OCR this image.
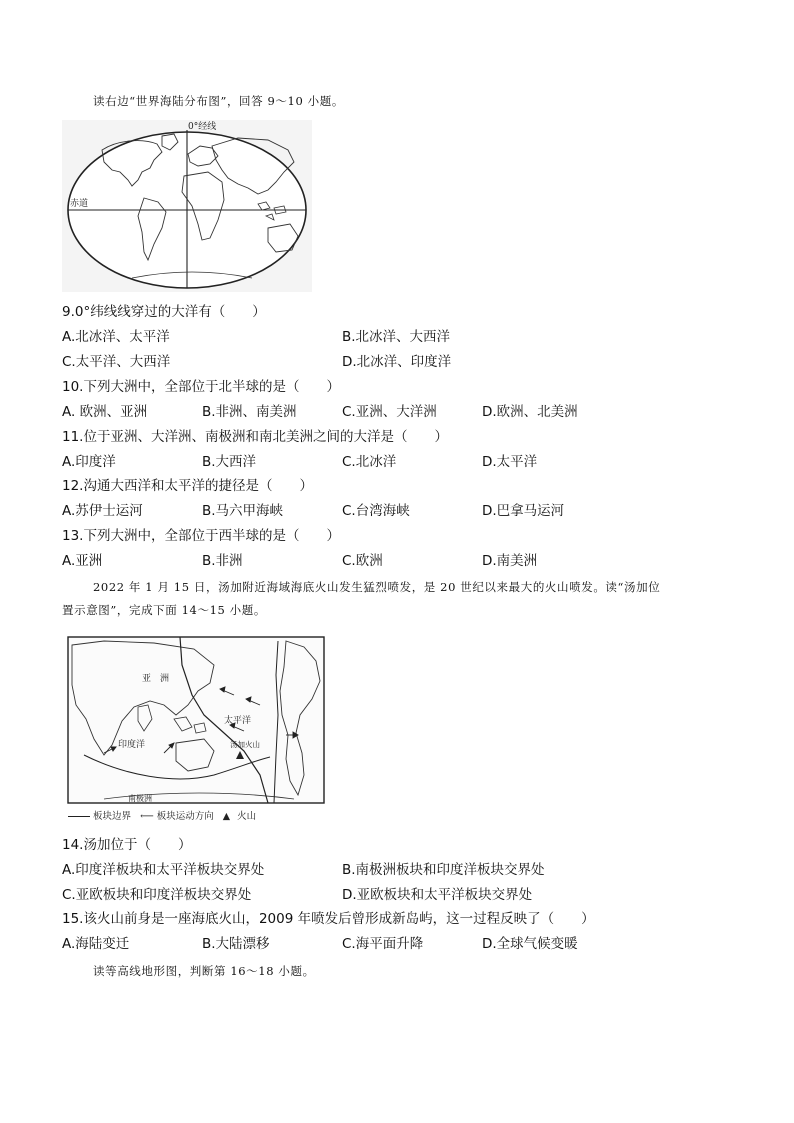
读右边“世界海陆分布图”，回答 9～10 小题。
0°经线
赤道
9.0°纬线线穿过的大洋有（　　）
A.北冰洋、太平洋	B.北冰洋、大西洋
C.太平洋、大西洋	D.北冰洋、印度洋
10.下列大洲中，全部位于北半球的是（　　）
A. 欧洲、亚洲	B.非洲、南美洲	C.亚洲、大洋洲	D.欧洲、北美洲
11.位于亚洲、大洋洲、南极洲和南北美洲之间的大洋是（　　）
A.印度洋	B.大西洋	C.北冰洋	D.太平洋
12.沟通大西洋和太平洋的捷径是（　　）
A.苏伊士运河	B.马六甲海峡	C.台湾海峡	D.巴拿马运河
13.下列大洲中，全部位于西半球的是（　　）
A.亚洲	B.非洲	C.欧洲	D.南美洲
2022 年 1 月 15 日，汤加附近海域海底火山发生猛烈喷发，是 20 世纪以来最大的火山喷发。读“汤加位
置示意图”，完成下面 14～15 小题。
亚　洲
太平洋
印度洋	汤加火山
南极洲
板块边界 ⟵ 板块运动方向 ▲ 火山
14.汤加位于（　　）
A.印度洋板块和太平洋板块交界处	B.南极洲板块和印度洋板块交界处
C.亚欧板块和印度洋板块交界处	D.亚欧板块和太平洋板块交界处
15.该火山前身是一座海底火山，2009 年喷发后曾形成新岛屿，这一过程反映了（　　）
A.海陆变迁	B.大陆漂移	C.海平面升降	D.全球气候变暖
读等高线地形图，判断第 16～18 小题。
